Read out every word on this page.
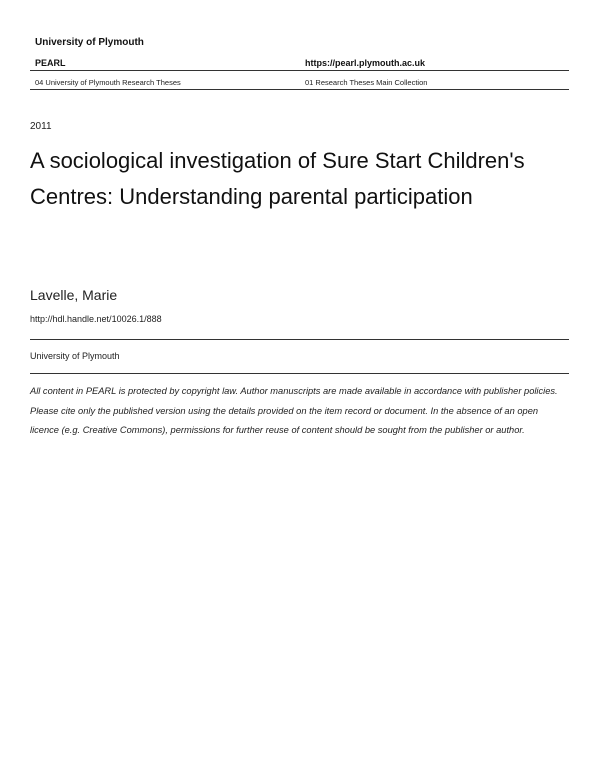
University of Plymouth
PEARL	https://pearl.plymouth.ac.uk
04 University of Plymouth Research Theses	01 Research Theses Main Collection
2011
A sociological investigation of Sure Start Children's Centres: Understanding parental participation
Lavelle, Marie
http://hdl.handle.net/10026.1/888
University of Plymouth
All content in PEARL is protected by copyright law. Author manuscripts are made available in accordance with publisher policies. Please cite only the published version using the details provided on the item record or document. In the absence of an open licence (e.g. Creative Commons), permissions for further reuse of content should be sought from the publisher or author.
